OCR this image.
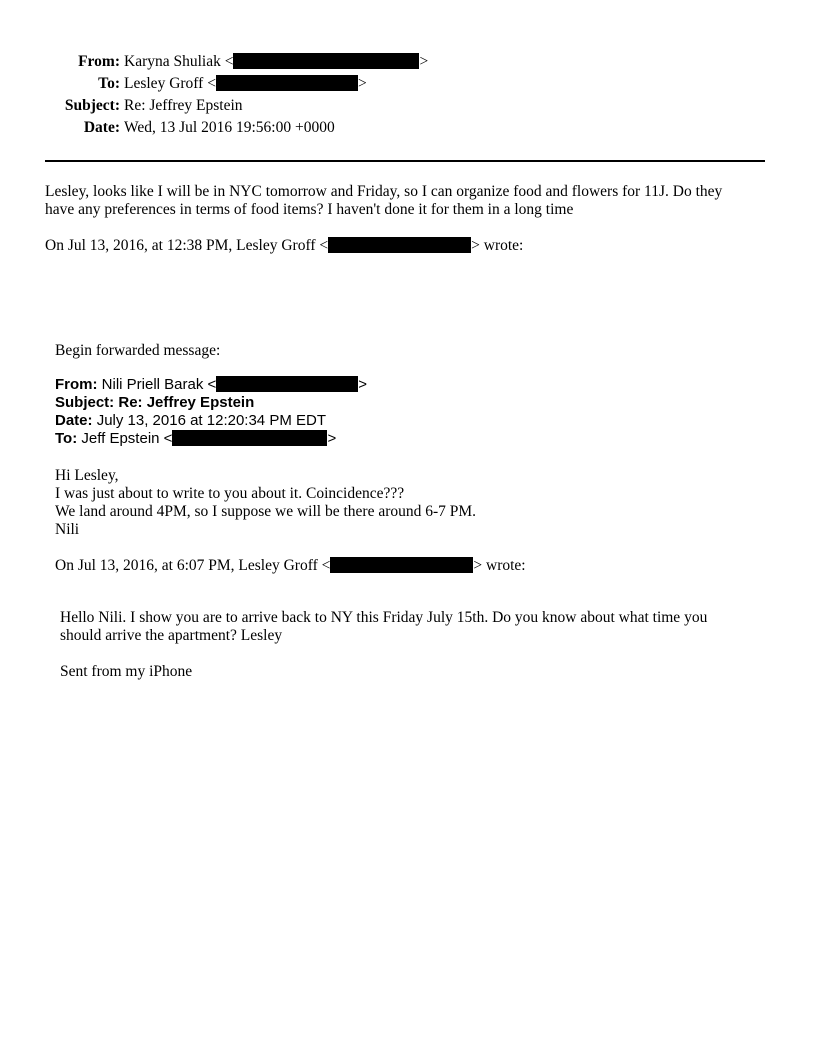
From: Karyna Shuliak <	>
To: Lesley Groff <	>
Subject: Re: Jeffrey Epstein
Date: Wed, 13 Jul 2016 19:56:00 +0000

Lesley, looks like I will be in NYC tomorrow and Friday, so I can organize food and flowers for 11J. Do they
have any preferences in terms of food items? I haven't done it for them in a long time

On Jul 13, 2016, at 12:38 PM, Lesley Groff <	> wrote:

Begin forwarded message:

From: Nili Priell Barak <	>
Subject: Re: Jeffrey Epstein
Date: July 13, 2016 at 12:20:34 PM EDT
To: Jeff Epstein <	>

Hi Lesley,
I was just about to write to you about it. Coincidence???
We land around 4PM, so I suppose we will be there around 6-7 PM.
Nili

On Jul 13, 2016, at 6:07 PM, Lesley Groff <	> wrote:

Hello Nili. I show you are to arrive back to NY this Friday July 15th. Do you know about what time you
should arrive the apartment? Lesley

Sent from my iPhone
